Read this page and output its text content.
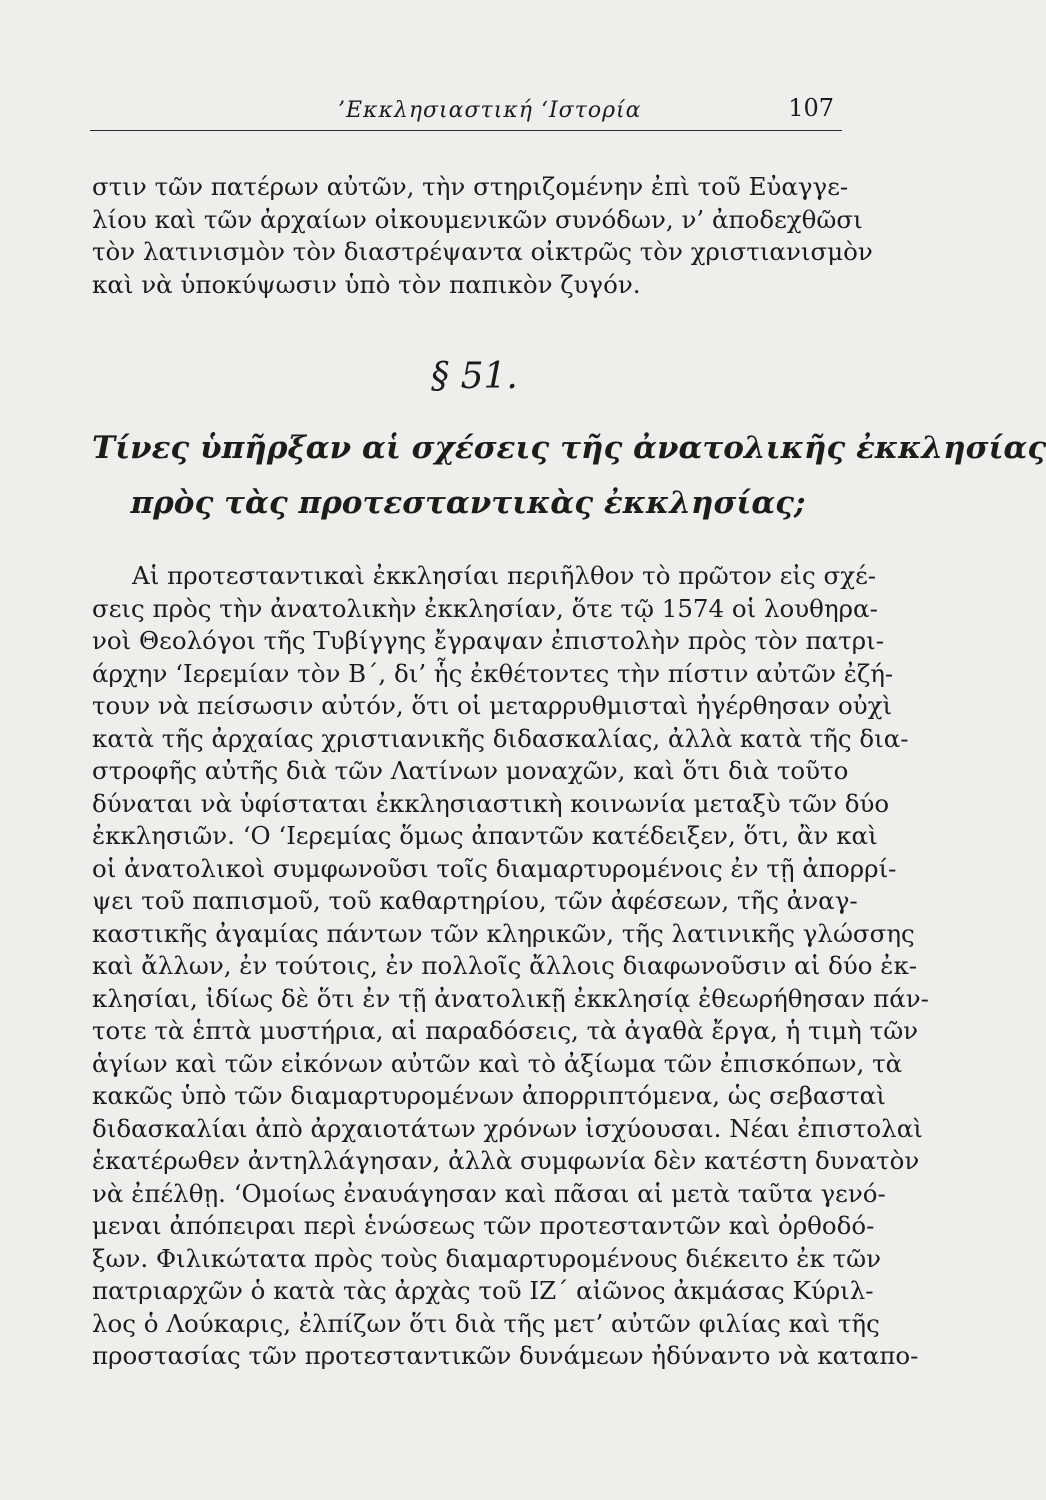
’Εκκλησιαστική ‘Ιστορία	107
στιν τῶν πατέρων αὐτῶν, τὴν στηριζομένην ἐπὶ τοῦ Εὐαγγε-
λίου καὶ τῶν ἀρχαίων οἰκουμενικῶν συνόδων, ν’ ἀποδεχθῶσι
τὸν λατινισμὸν τὸν διαστρέψαντα οἰκτρῶς τὸν χριστιανισμὸν
καὶ νὰ ὑποκύψωσιν ὑπὸ τὸν παπικὸν ζυγόν.
§ 51.
Τίνες ὑπῆρξαν αἱ σχέσεις τῆς ἀνατολικῆς ἐκκλησίας
πρὸς τὰς προτεσταντικὰς ἐκκλησίας;
Αἱ προτεσταντικαὶ ἐκκλησίαι περιῆλθον τὸ πρῶτον εἰς σχέ-
σεις πρὸς τὴν ἀνατολικὴν ἐκκλησίαν, ὅτε τῷ 1574 οἱ λουθηρα-
νοὶ Θεολόγοι τῆς Τυβίγγης ἔγραψαν ἐπιστολὴν πρὸς τὸν πατρι-
άρχην ‘Ιερεμίαν τὸν Β΄, δι’ ἧς ἐκθέτοντες τὴν πίστιν αὐτῶν ἐζή-
τουν νὰ πείσωσιν αὐτόν, ὅτι οἱ μεταρρυθμισταὶ ἠγέρθησαν οὐχὶ
κατὰ τῆς ἀρχαίας χριστιανικῆς διδασκαλίας, ἀλλὰ κατὰ τῆς δια-
στροφῆς αὐτῆς διὰ τῶν Λατίνων μοναχῶν, καὶ ὅτι διὰ τοῦτο
δύναται νὰ ὑφίσταται ἐκκλησιαστικὴ κοινωνία μεταξὺ τῶν δύο
ἐκκλησιῶν. ‘Ο ‘Ιερεμίας ὅμως ἀπαντῶν κατέδειξεν, ὅτι, ἂν καὶ
οἱ ἀνατολικοὶ συμφωνοῦσι τοῖς διαμαρτυρομένοις ἐν τῇ ἀπορρί-
ψει τοῦ παπισμοῦ, τοῦ καθαρτηρίου, τῶν ἀφέσεων, τῆς ἀναγ-
καστικῆς ἀγαμίας πάντων τῶν κληρικῶν, τῆς λατινικῆς γλώσσης
καὶ ἄλλων, ἐν τούτοις, ἐν πολλοῖς ἄλλοις διαφωνοῦσιν αἱ δύο ἐκ-
κλησίαι, ἰδίως δὲ ὅτι ἐν τῇ ἀνατολικῇ ἐκκλησίᾳ ἐθεωρήθησαν πάν-
τοτε τὰ ἑπτὰ μυστήρια, αἱ παραδόσεις, τὰ ἀγαθὰ ἔργα, ἡ τιμὴ τῶν
ἁγίων καὶ τῶν εἰκόνων αὐτῶν καὶ τὸ ἀξίωμα τῶν ἐπισκόπων, τὰ
κακῶς ὑπὸ τῶν διαμαρτυρομένων ἀπορριπτόμενα, ὡς σεβασταὶ
διδασκαλίαι ἀπὸ ἀρχαιοτάτων χρόνων ἰσχύουσαι. Νέαι ἐπιστολαὶ
ἑκατέρωθεν ἀντηλλάγησαν, ἀλλὰ συμφωνία δὲν κατέστη δυνατὸν
νὰ ἐπέλθῃ. ‘Ομοίως ἐναυάγησαν καὶ πᾶσαι αἱ μετὰ ταῦτα γενό-
μεναι ἀπόπειραι περὶ ἑνώσεως τῶν προτεσταντῶν καὶ ὀρθοδό-
ξων. Φιλικώτατα πρὸς τοὺς διαμαρτυρομένους διέκειτο ἐκ τῶν
πατριαρχῶν ὁ κατὰ τὰς ἀρχὰς τοῦ ΙΖ΄ αἰῶνος ἀκμάσας Κύριλ-
λος ὁ Λούκαρις, ἐλπίζων ὅτι διὰ τῆς μετ’ αὐτῶν φιλίας καὶ τῆς
προστασίας τῶν προτεσταντικῶν δυνάμεων ἠδύναντο νὰ καταπο-
